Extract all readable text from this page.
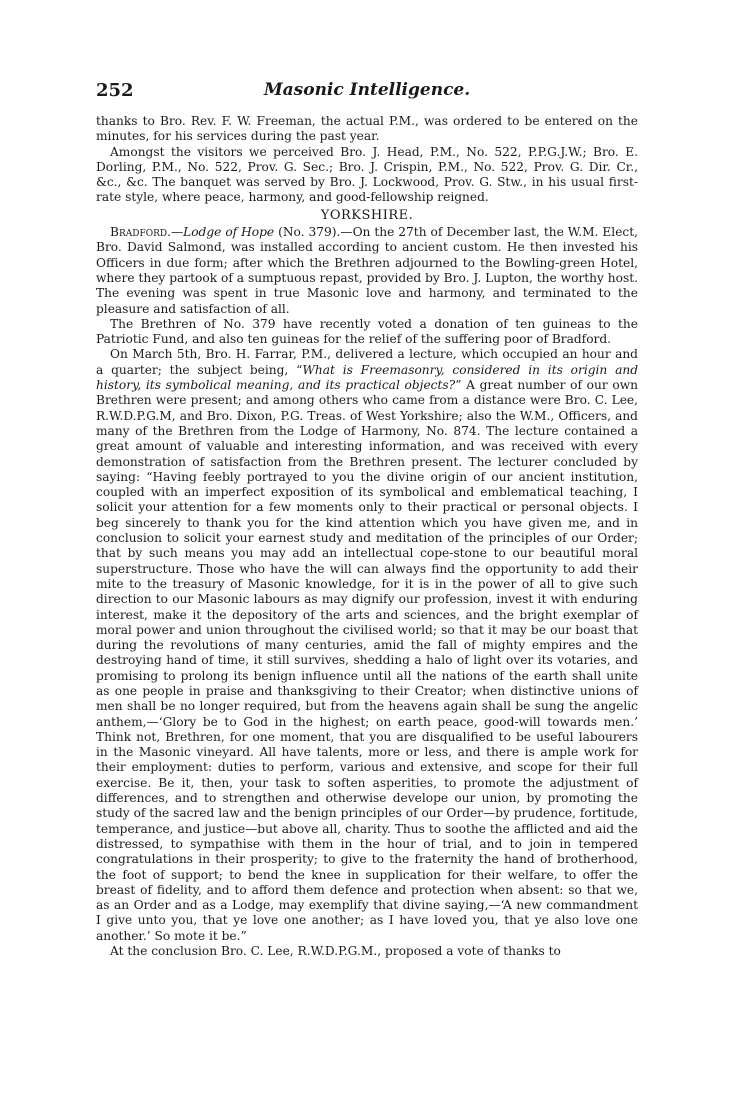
252	Masonic Intelligence.

thanks to Bro. Rev. F. W. Freeman, the actual P.M., was ordered to be entered on the minutes, for his services during the past year.

Amongst the visitors we perceived Bro. J. Head, P.M., No. 522, P.P.G.J.W.; Bro. E. Dorling, P.M., No. 522, Prov. G. Sec.; Bro. J. Crispin, P.M., No. 522, Prov. G. Dir. Cr., &c., &c. The banquet was served by Bro. J. Lockwood, Prov. G. Stw., in his usual first-rate style, where peace, harmony, and good-fellowship reigned.

YORKSHIRE.

Bradford.—Lodge of Hope (No. 379).—On the 27th of December last, the W.M. Elect, Bro. David Salmond, was installed according to ancient custom. He then invested his Officers in due form; after which the Brethren adjourned to the Bowling-green Hotel, where they partook of a sumptuous repast, provided by Bro. J. Lupton, the worthy host. The evening was spent in true Masonic love and harmony, and terminated to the pleasure and satisfaction of all.

The Brethren of No. 379 have recently voted a donation of ten guineas to the Patriotic Fund, and also ten guineas for the relief of the suffering poor of Bradford.

On March 5th, Bro. H. Farrar, P.M., delivered a lecture, which occupied an hour and a quarter; the subject being, “What is Freemasonry, considered in its origin and history, its symbolical meaning, and its practical objects?” A great number of our own Brethren were present; and among others who came from a distance were Bro. C. Lee, R.W.D.P.G.M, and Bro. Dixon, P.G. Treas. of West Yorkshire; also the W.M., Officers, and many of the Brethren from the Lodge of Harmony, No. 874. The lecture contained a great amount of valuable and interesting information, and was received with every demonstration of satisfaction from the Brethren present. The lecturer concluded by saying: “Having feebly portrayed to you the divine origin of our ancient institution, coupled with an imperfect exposition of its symbolical and emblematical teaching, I solicit your attention for a few moments only to their practical or personal objects. I beg sincerely to thank you for the kind attention which you have given me, and in conclusion to solicit your earnest study and meditation of the principles of our Order; that by such means you may add an intellectual cope-stone to our beautiful moral superstructure. Those who have the will can always find the opportunity to add their mite to the treasury of Masonic knowledge, for it is in the power of all to give such direction to our Masonic labours as may dignify our profession, invest it with enduring interest, make it the depository of the arts and sciences, and the bright exemplar of moral power and union throughout the civilised world; so that it may be our boast that during the revolutions of many centuries, amid the fall of mighty empires and the destroying hand of time, it still survives, shedding a halo of light over its votaries, and promising to prolong its benign influence until all the nations of the earth shall unite as one people in praise and thanksgiving to their Creator; when distinctive unions of men shall be no longer required, but from the heavens again shall be sung the angelic anthem,—‘Glory be to God in the highest; on earth peace, good-will towards men.’ Think not, Brethren, for one moment, that you are disqualified to be useful labourers in the Masonic vineyard. All have talents, more or less, and there is ample work for their employment: duties to perform, various and extensive, and scope for their full exercise. Be it, then, your task to soften asperities, to promote the adjustment of differences, and to strengthen and otherwise develope our union, by promoting the study of the sacred law and the benign principles of our Order—by prudence, fortitude, temperance, and justice—but above all, charity. Thus to soothe the afflicted and aid the distressed, to sympathise with them in the hour of trial, and to join in tempered congratulations in their prosperity; to give to the fraternity the hand of brotherhood, the foot of support; to bend the knee in supplication for their welfare, to offer the breast of fidelity, and to afford them defence and protection when absent: so that we, as an Order and as a Lodge, may exemplify that divine saying,—‘A new commandment I give unto you, that ye love one another; as I have loved you, that ye also love one another.’ So mote it be.”

At the conclusion Bro. C. Lee, R.W.D.P.G.M., proposed a vote of thanks to
